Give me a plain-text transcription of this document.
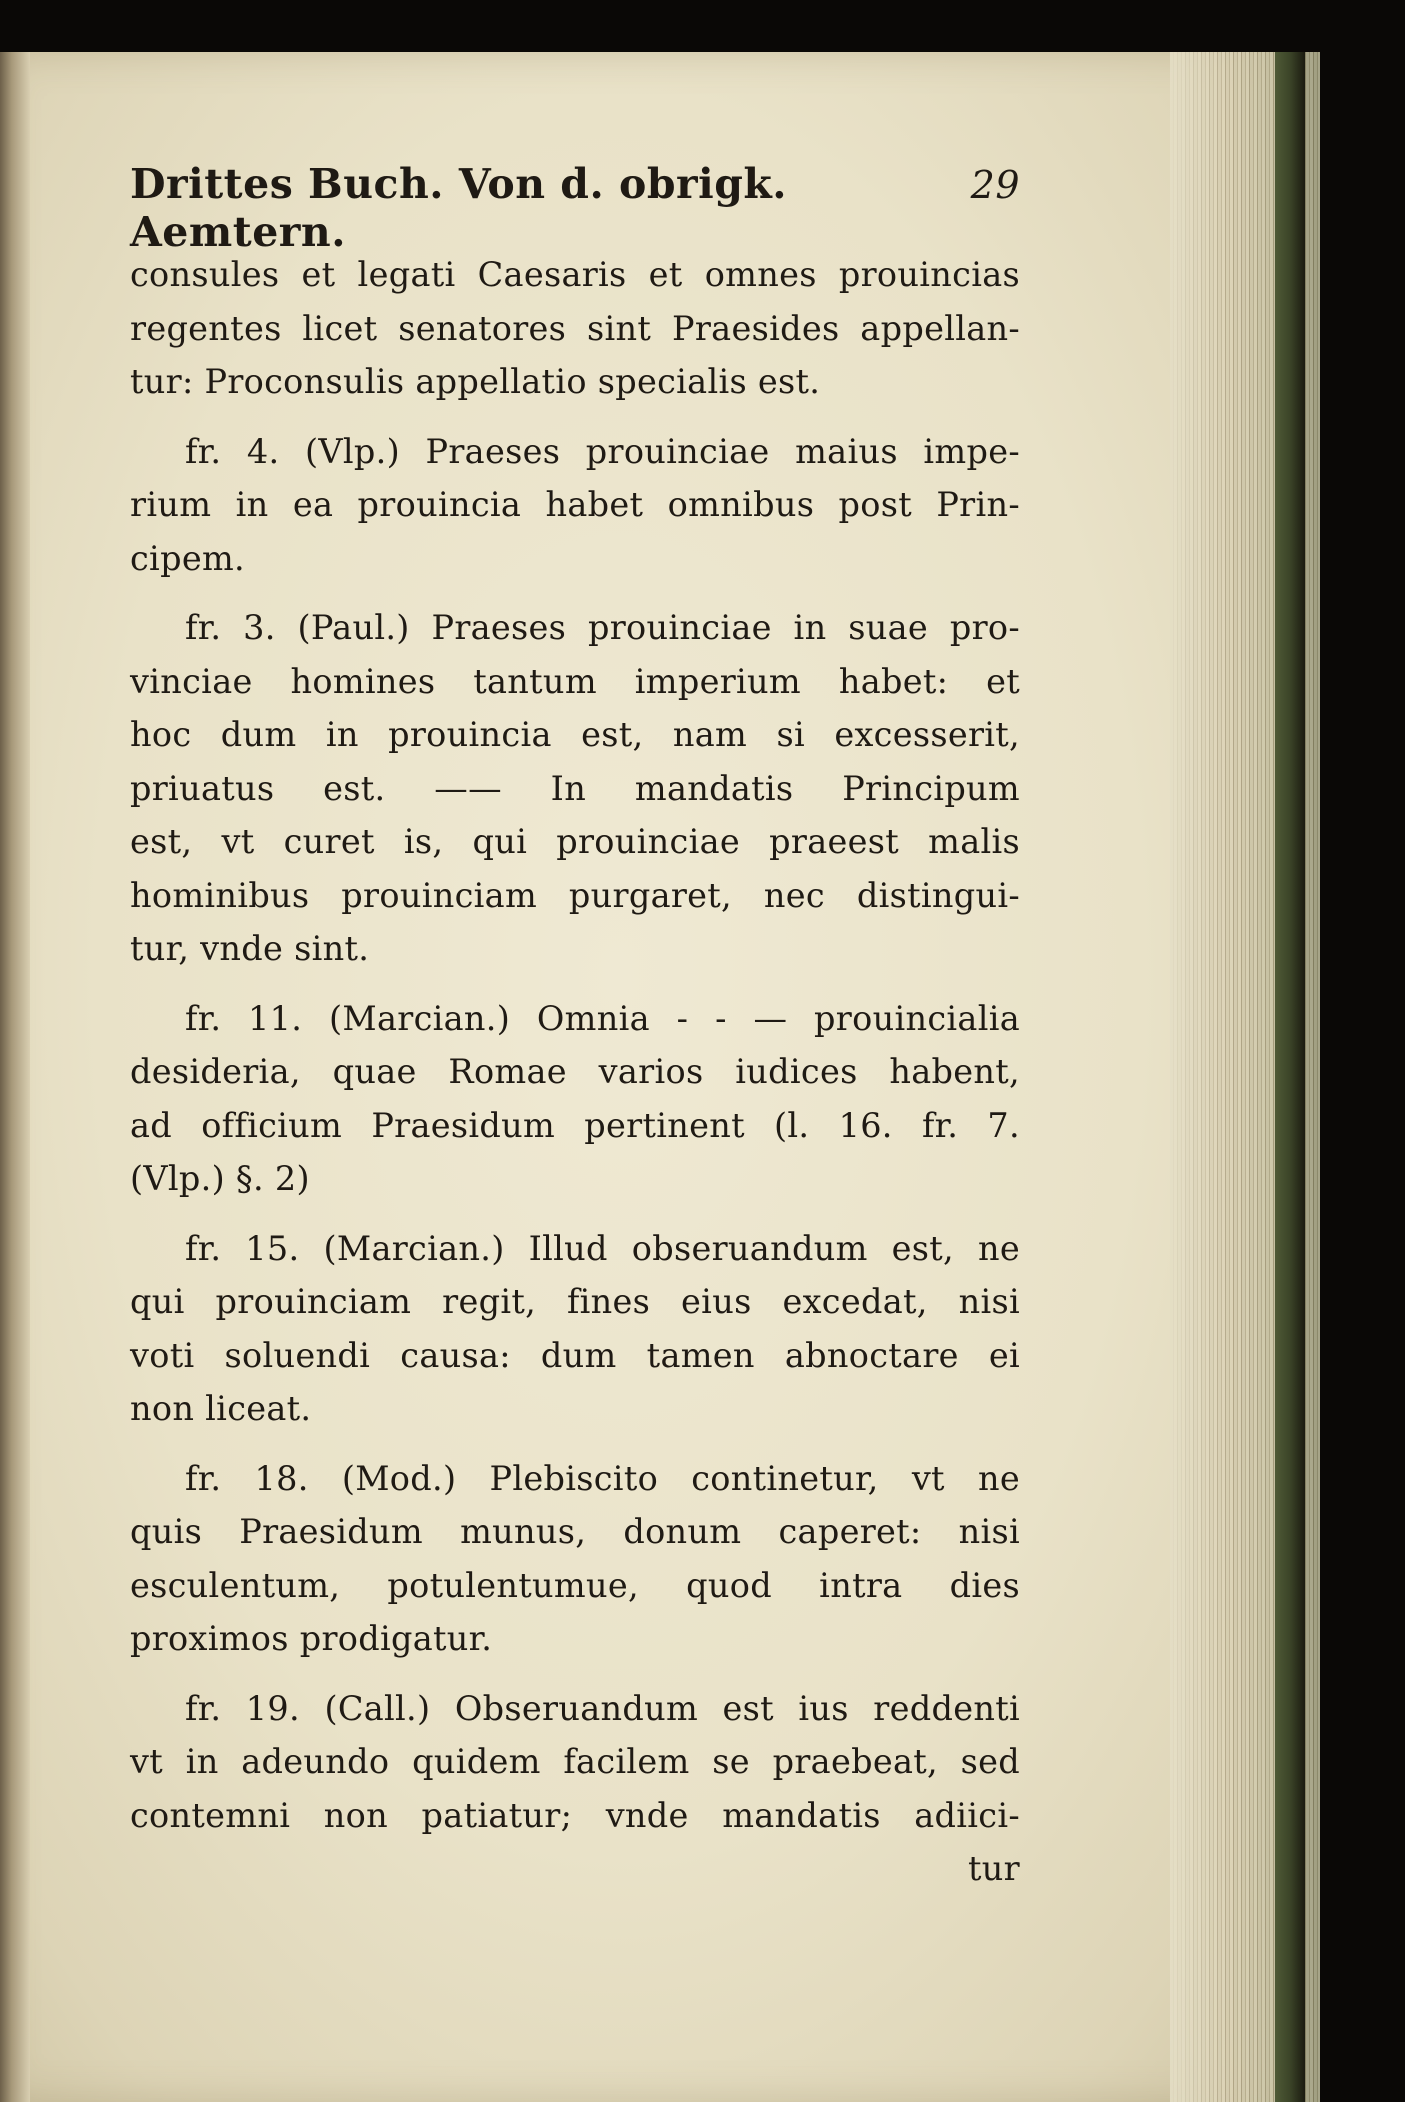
Drittes Buch. Von d. obrigk. Aemtern.
29
consules et legati Caesaris et omnes prouincias
regentes licet senatores sint Praesides appellan-
tur: Proconsulis appellatio specialis est.
fr. 4. (Vlp.) Praeses prouinciae maius impe-
rium in ea prouincia habet omnibus post Prin-
cipem.
fr. 3. (Paul.) Praeses prouinciae in suae pro-
vinciae homines tantum imperium habet: et
hoc dum in prouincia est, nam si excesserit,
priuatus est. —— In mandatis Principum
est, vt curet is, qui prouinciae praeest malis
hominibus prouinciam purgaret, nec distingui-
tur, vnde sint.
fr. 11. (Marcian.) Omnia - - — prouincialia
desideria, quae Romae varios iudices habent,
ad officium Praesidum pertinent (l. 16. fr. 7.
(Vlp.) §. 2)
fr. 15. (Marcian.) Illud obseruandum est, ne
qui prouinciam regit, fines eius excedat, nisi
voti soluendi causa: dum tamen abnoctare ei
non liceat.
fr. 18. (Mod.) Plebiscito continetur, vt ne
quis Praesidum munus, donum caperet: nisi
esculentum, potulentumue, quod intra dies
proximos prodigatur.
fr. 19. (Call.) Obseruandum est ius reddenti
vt in adeundo quidem facilem se praebeat, sed
contemni non patiatur; vnde mandatis adiici-
tur
